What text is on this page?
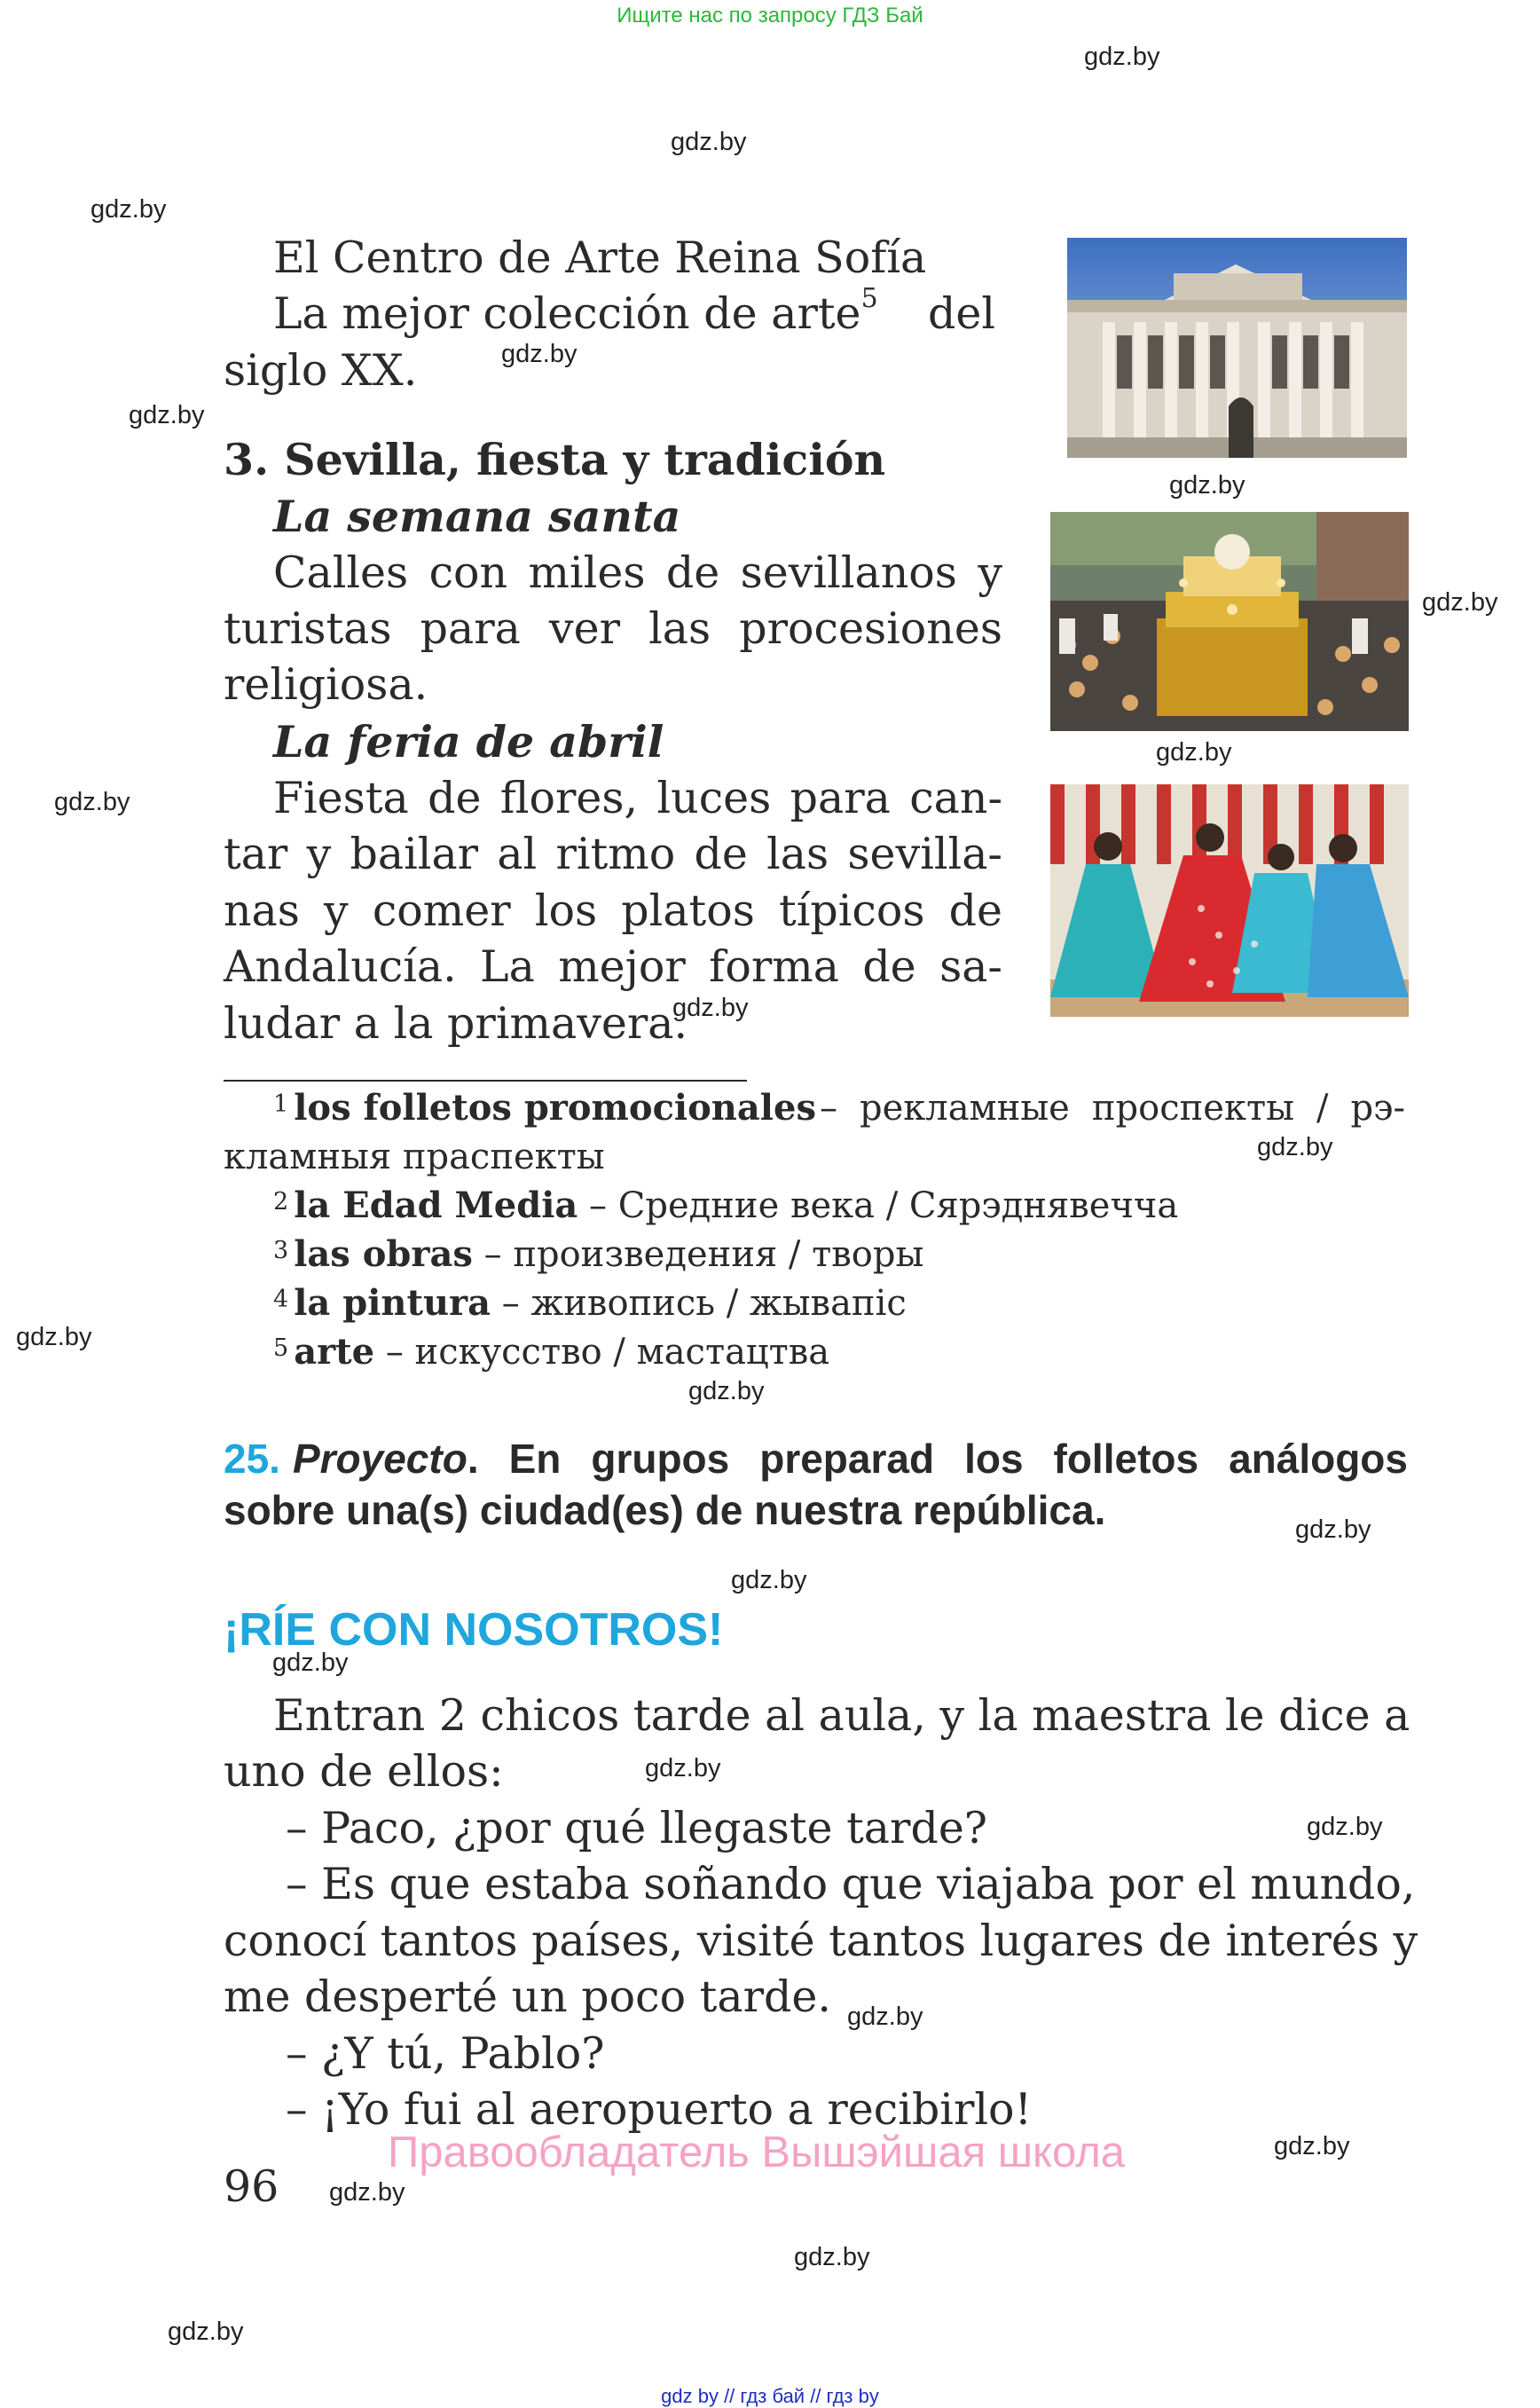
Ищите нас по запросу ГДЗ Бай
gdz.by
gdz.by
gdz.by
gdz.by
gdz.by
gdz.by
gdz.by
gdz.by
gdz.by
gdz.by
gdz.by
gdz.by
gdz.by
gdz.by
gdz.by
gdz.by
gdz.by
gdz.by
gdz.by
gdz.by
gdz.by
gdz.by
gdz.by
El Centro de Arte Reina Sofía
La mejor colección de arte$^5$ del
siglo XX.
3. Sevilla, fiesta y tradición
La semana santa
Calles con miles de sevillanos y
turistas para ver las procesiones
religiosa.
La feria de abril
Fiesta de flores, luces para can-
tar y bailar al ritmo de las sevilla-
nas y comer los platos típicos de
Andalucía. La mejor forma de sa-
ludar a la primavera.
$^1$ los folletos promocionales – рекламные проспекты / рэ-
кламныя праспекты
$^2$ la Edad Media – Средние века / Сярэднявечча
$^3$ las obras – произведения / творы
$^4$ la pintura – живопись / жывапіс
$^5$ arte – искусство / мастацтва
25. Proyecto . En grupos preparad los folletos análogos
sobre una(s) ciudad(es) de nuestra república.
¡RÍE CON NOSOTROS!
Entran 2 chicos tarde al aula, y la maestra le dice a
uno de ellos:
– Paco, ¿por qué llegaste tarde?
– Es que estaba soñando que viajaba por el mundo,
conocí tantos países, visité tantos lugares de interés y
me desperté un poco tarde.
– ¿Y tú, Pablo?
– ¡Yo fui al aeropuerto a recibirlo!
Правообладатель Вышэйшая школа
96
gdz by // гдз бай // гдз by
